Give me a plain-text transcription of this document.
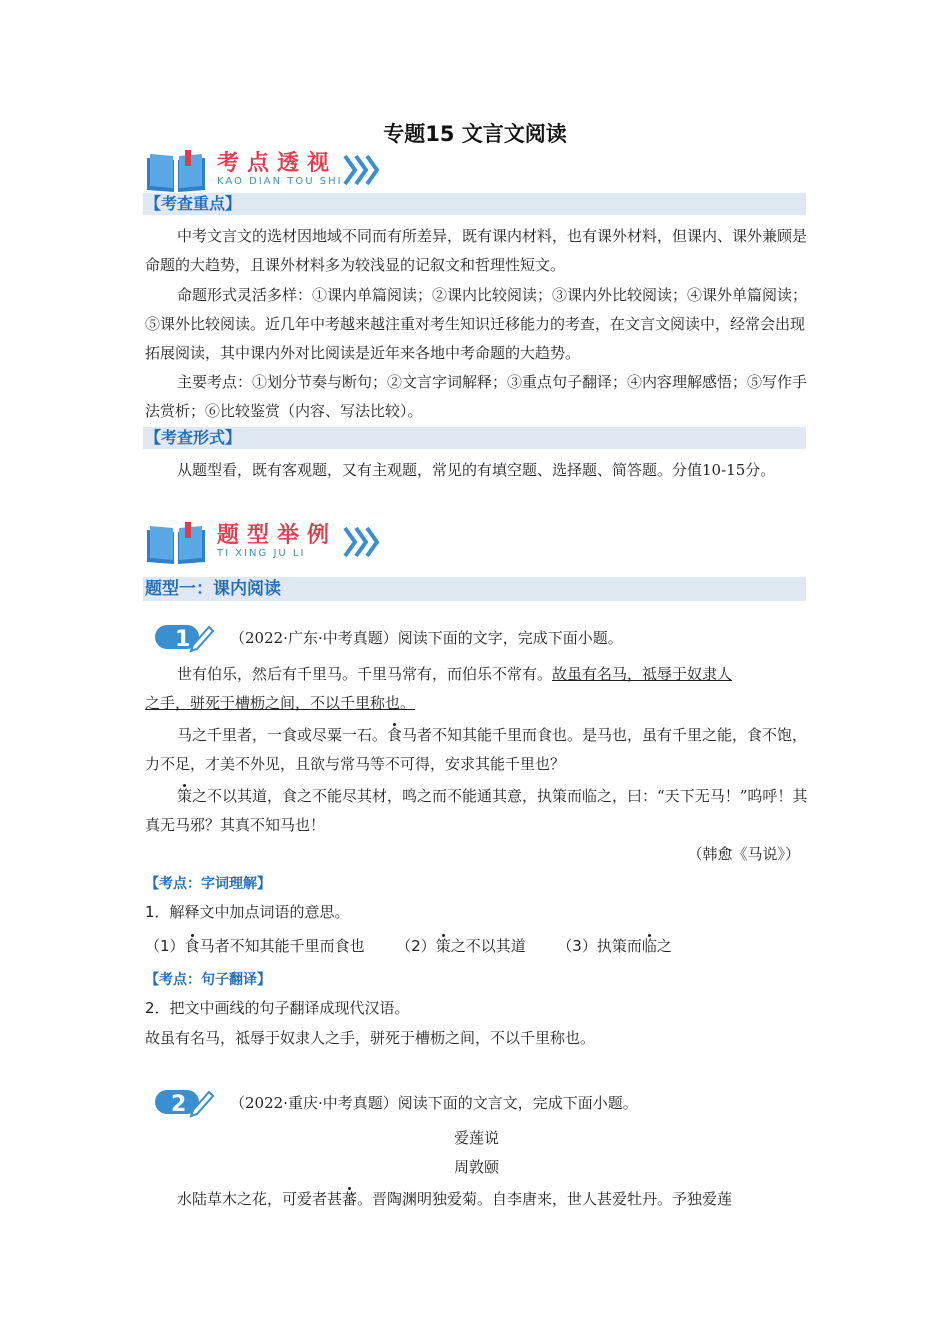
专题15 文言文阅读
考点透视
KAO DIAN TOU SHI
【考查重点】
中考文言文的选材因地域不同而有所差异，既有课内材料，也有课外材料，但课内、课外兼顾是命题的大趋势，且课外材料多为较浅显的记叙文和哲理性短文。
命题形式灵活多样：①课内单篇阅读；②课内比较阅读；③课内外比较阅读；④课外单篇阅读；⑤课外比较阅读。近几年中考越来越注重对考生知识迁移能力的考查，在文言文阅读中，经常会出现拓展阅读，其中课内外对比阅读是近年来各地中考命题的大趋势。
主要考点：①划分节奏与断句；②文言字词解释；③重点句子翻译；④内容理解感悟；⑤写作手法赏析；⑥比较鉴赏（内容、写法比较）。
【考查形式】
从题型看，既有客观题，又有主观题，常见的有填空题、选择题、简答题。分值10-15分。
题型举例
TI XING JU LI
题型一：课内阅读
1	（2022·广东·中考真题）阅读下面的文字，完成下面小题。
世有伯乐，然后有千里马。千里马常有，而伯乐不常有。故虽有名马，祗辱于奴隶人
之手，骈死于槽枥之间，不以千里称也。
马之千里者，一食或尽粟一石。食马者不知其能千里而食也。是马也，虽有千里之能，食不饱，力不足，才美不外见，且欲与常马等不可得，安求其能千里也？
策之不以其道，食之不能尽其材，鸣之而不能通其意，执策而临之，曰：“天下无马！”呜呼！其真无马邪？其真不知马也！
（韩愈《马说》）
【考点：字词理解】
1．解释文中加点词语的意思。
（1）食马者不知其能千里而食也 （2）策之不以其道 （3）执策而临之
【考点：句子翻译】
2．把文中画线的句子翻译成现代汉语。
故虽有名马，祗辱于奴隶人之手，骈死于槽枥之间，不以千里称也。
2	（2022·重庆·中考真题）阅读下面的文言文，完成下面小题。
爱莲说
周敦颐
水陆草木之花，可爱者甚蕃。晋陶渊明独爱菊。自李唐来，世人甚爱牡丹。予独爱莲
